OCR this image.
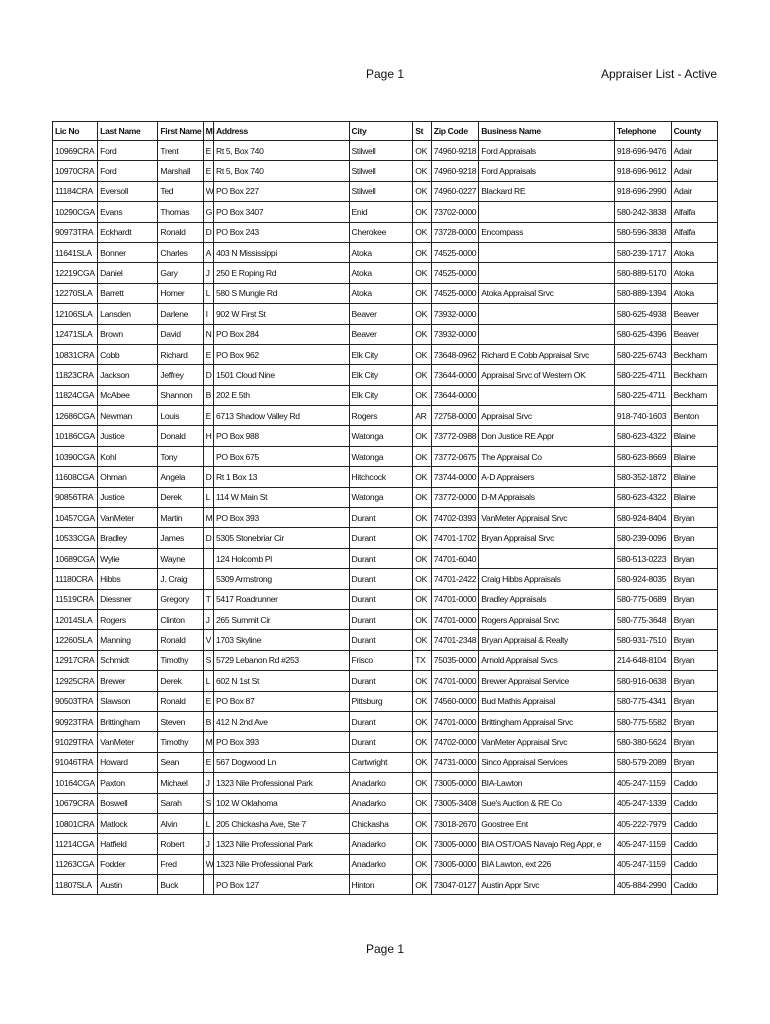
Page 1	Appraiser List - Active
Lic No	Last Name	First Name	MI	Address	City	St	Zip Code	Business Name	Telephone	County
10969CRA	Ford	Trent	E	Rt 5, Box 740	Stilwell	OK	74960-9218	Ford Appraisals	918-696-9476	Adair
10970CRA	Ford	Marshall	E	Rt 5, Box 740	Stilwell	OK	74960-9218	Ford Appraisals	918-696-9612	Adair
11184CRA	Eversoll	Ted	W	PO Box 227	Stilwell	OK	74960-0227	Blackard RE	918-696-2990	Adair
10290CGA	Evans	Thomas	G	PO Box 3407	Enid	OK	73702-0000		580-242-3838	Alfalfa
90973TRA	Eckhardt	Ronald	D	PO Box 243	Cherokee	OK	73728-0000	Encompass	580-596-3838	Alfalfa
11641SLA	Bonner	Charles	A	403 N Mississippi	Atoka	OK	74525-0000		580-239-1717	Atoka
12219CGA	Daniel	Gary	J	250 E Roping Rd	Atoka	OK	74525-0000		580-889-5170	Atoka
12270SLA	Barrett	Homer	L	580 S Mungle Rd	Atoka	OK	74525-0000	Atoka Appraisal Srvc	580-889-1394	Atoka
12106SLA	Lansden	Darlene	I	902 W First St	Beaver	OK	73932-0000		580-625-4938	Beaver
12471SLA	Brown	David	N	PO Box 284	Beaver	OK	73932-0000		580-625-4396	Beaver
10831CRA	Cobb	Richard	E	PO Box 962	Elk City	OK	73648-0962	Richard E Cobb Appraisal Srvc	580-225-6743	Beckham
11823CRA	Jackson	Jeffrey	D	1501 Cloud Nine	Elk City	OK	73644-0000	Appraisal Srvc of Western OK	580-225-4711	Beckham
11824CGA	McAbee	Shannon	B	202 E 5th	Elk City	OK	73644-0000		580-225-4711	Beckham
12686CGA	Newman	Louis	E	6713 Shadow Valley Rd	Rogers	AR	72758-0000	Appraisal Srvc	918-740-1603	Benton
10186CGA	Justice	Donald	H	PO Box 988	Watonga	OK	73772-0988	Don Justice RE Appr	580-623-4322	Blaine
10390CGA	Kohl	Tony		PO Box 675	Watonga	OK	73772-0675	The Appraisal Co	580-623-8669	Blaine
11608CGA	Ohman	Angela	D	Rt 1 Box 13	Hitchcock	OK	73744-0000	A-D Appraisers	580-352-1872	Blaine
90856TRA	Justice	Derek	L	114 W Main St	Watonga	OK	73772-0000	D-M Appraisals	580-623-4322	Blaine
10457CGA	VanMeter	Martin	M	PO Box 393	Durant	OK	74702-0393	VanMeter Appraisal Srvc	580-924-8404	Bryan
10533CGA	Bradley	James	D	5305 Stonebriar Cir	Durant	OK	74701-1702	Bryan Appraisal Srvc	580-239-0096	Bryan
10689CGA	Wylie	Wayne		124 Holcomb Pl	Durant	OK	74701-6040		580-513-0223	Bryan
11180CRA	Hibbs	J. Craig		5309 Armstrong	Durant	OK	74701-2422	Craig Hibbs Appraisals	580-924-8035	Bryan
11519CRA	Diessner	Gregory	T	5417 Roadrunner	Durant	OK	74701-0000	Bradley Appraisals	580-775-0689	Bryan
12014SLA	Rogers	Clinton	J	265 Summit Cir	Durant	OK	74701-0000	Rogers Appraisal Srvc	580-775-3648	Bryan
12260SLA	Manning	Ronald	V	1703 Skyline	Durant	OK	74701-2348	Bryan Appraisal & Realty	580-931-7510	Bryan
12917CRA	Schmidt	Timothy	S	5729 Lebanon Rd #253	Frisco	TX	75035-0000	Arnold Appraisal Svcs	214-648-8104	Bryan
12925CRA	Brewer	Derek	L	602 N 1st St	Durant	OK	74701-0000	Brewer Appraisal Service	580-916-0638	Bryan
90503TRA	Slawson	Ronald	E	PO Box 87	Pittsburg	OK	74560-0000	Bud Mathis Appraisal	580-775-4341	Bryan
90923TRA	Brittingham	Steven	B	412 N 2nd Ave	Durant	OK	74701-0000	Brittingham Appraisal Srvc	580-775-5582	Bryan
91029TRA	VanMeter	Timothy	M	PO Box 393	Durant	OK	74702-0000	VanMeter Appraisal Srvc	580-380-5624	Bryan
91046TRA	Howard	Sean	E	567 Dogwood Ln	Cartwright	OK	74731-0000	Sinco Appraisal Services	580-579-2089	Bryan
10164CGA	Paxton	Michael	J	1323 Nile Professional Park	Anadarko	OK	73005-0000	BIA-Lawton	405-247-1159	Caddo
10679CRA	Boswell	Sarah	S	102 W Oklahoma	Anadarko	OK	73005-3408	Sue's Auction & RE Co	405-247-1339	Caddo
10801CRA	Matlock	Alvin	L	205 Chickasha Ave, Ste 7	Chickasha	OK	73018-2670	Goostree Ent	405-222-7979	Caddo
11214CGA	Hatfield	Robert	J	1323 Nile Professional Park	Anadarko	OK	73005-0000	BIA OST/OAS Navajo Reg Appr, e	405-247-1159	Caddo
11263CGA	Fodder	Fred	W	1323 Nile Professional Park	Anadarko	OK	73005-0000	BIA Lawton, ext 226	405-247-1159	Caddo
11807SLA	Austin	Buck		PO Box 127	Hinton	OK	73047-0127	Austin Appr Srvc	405-884-2990	Caddo
Page 1
